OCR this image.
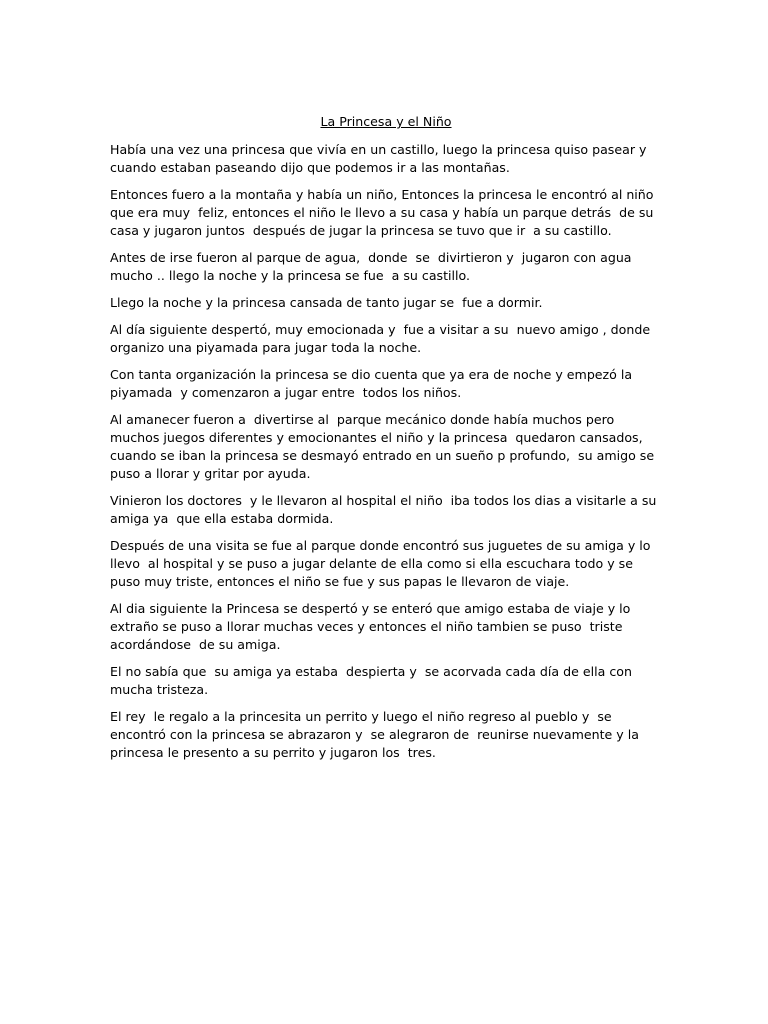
La Princesa y el Niño

Había una vez una princesa que vivía en un castillo, luego la princesa quiso pasear y cuando estaban paseando dijo que podemos ir a las montañas.

Entonces fuero a la montaña y había un niño, Entonces la princesa le encontró al niño que era muy  feliz, entonces el niño le llevo a su casa y había un parque detrás  de su casa y jugaron juntos  después de jugar la princesa se tuvo que ir  a su castillo.

Antes de irse fueron al parque de agua,  donde  se  divirtieron y  jugaron con agua  mucho .. llego la noche y la princesa se fue  a su castillo.

Llego la noche y la princesa cansada de tanto jugar se  fue a dormir.

Al día siguiente despertó, muy emocionada y  fue a visitar a su  nuevo amigo , donde organizo una piyamada para jugar toda la noche.

Con tanta organización la princesa se dio cuenta que ya era de noche y empezó la piyamada  y comenzaron a jugar entre  todos los niños.

Al amanecer fueron a  divertirse al  parque mecánico donde había muchos pero muchos juegos diferentes y emocionantes el niño y la princesa  quedaron cansados, cuando se iban la princesa se desmayó entrado en un sueño p profundo,  su amigo se puso a llorar y gritar por ayuda.

Vinieron los doctores  y le llevaron al hospital el niño  iba todos los dias a visitarle a su amiga ya  que ella estaba dormida.

Después de una visita se fue al parque donde encontró sus juguetes de su amiga y lo llevo  al hospital y se puso a jugar delante de ella como si ella escuchara todo y se puso muy triste, entonces el niño se fue y sus papas le llevaron de viaje.

Al dia siguiente la Princesa se despertó y se enteró que amigo estaba de viaje y lo extraño se puso a llorar muchas veces y entonces el niño tambien se puso  triste acordándose  de su amiga.

El no sabía que  su amiga ya estaba  despierta y  se acorvada cada día de ella con mucha tristeza.

El rey  le regalo a la princesita un perrito y luego el niño regreso al pueblo y  se encontró con la princesa se abrazaron y  se alegraron de  reunirse nuevamente y la princesa le presento a su perrito y jugaron los  tres.
